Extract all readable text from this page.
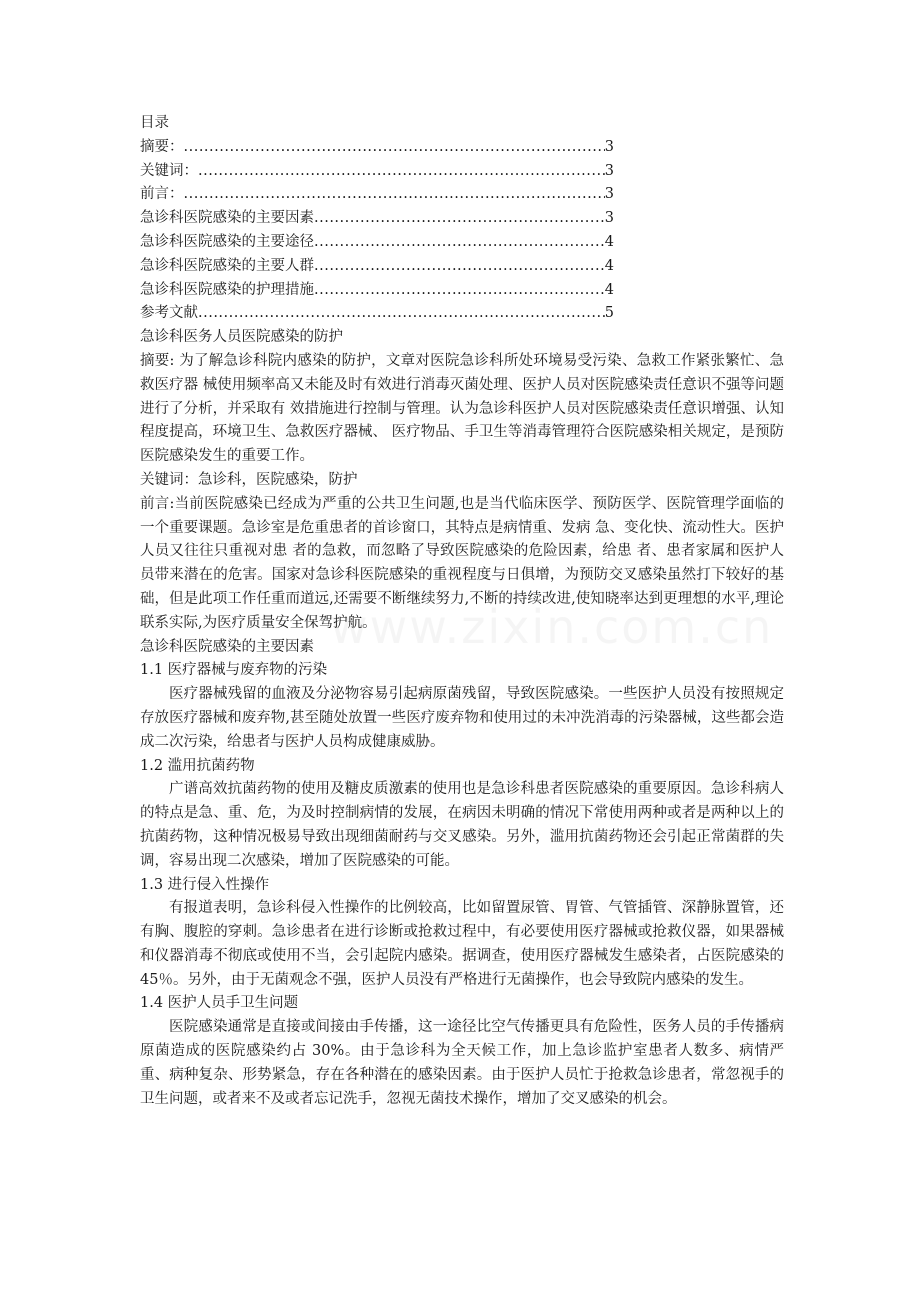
www.zixin.com.cn

目录

摘要： .....	3
关键词： .....	3
前言： .....	3
急诊科医院感染的主要因素 .....	3
急诊科医院感染的主要途径 .....	4
急诊科医院感染的主要人群 .....	4
急诊科医院感染的护理措施 .....	4
参考文献 .....	5
急诊科医务人员医院感染的防护

摘要: 为了解急诊科院内感染的防护，文章对医院急诊科所处环境易受污染、急救工作紧张繁忙、急救医疗器 械使用频率高又未能及时有效进行消毒灭菌处理、医护人员对医院感染责任意识不强等问题进行了分析，并采取有 效措施进行控制与管理。认为急诊科医护人员对医院感染责任意识增强、认知程度提高，环境卫生、急救医疗器械、 医疗物品、手卫生等消毒管理符合医院感染相关规定，是预防医院感染发生的重要工作。

关键词：急诊科，医院感染，防护

前言:当前医院感染已经成为严重的公共卫生问题,也是当代临床医学、预防医学、医院管理学面临的一个重要课题。急诊室是危重患者的首诊窗口，其特点是病情重、发病 急、变化快、流动性大。医护人员又往往只重视对患 者的急救，而忽略了导致医院感染的危险因素，给患 者、患者家属和医护人员带来潜在的危害。国家对急诊科医院感染的重视程度与日俱增，为预防交叉感染虽然打下较好的基础，但是此项工作任重而道远,还需要不断继续努力,不断的持续改进,使知晓率达到更理想的水平,理论联系实际,为医疗质量安全保驾护航。

急诊科医院感染的主要因素
1.1 医疗器械与废弃物的污染

医疗器械残留的血液及分泌物容易引起病原菌残留，导致医院感染。一些医护人员没有按照规定存放医疗器械和废弃物,甚至随处放置一些医疗废弃物和使用过的未冲洗消毒的污染器械，这些都会造成二次污染，给患者与医护人员构成健康威胁。

1.2 滥用抗菌药物

广谱高效抗菌药物的使用及糖皮质激素的使用也是急诊科患者医院感染的重要原因。急诊科病人的特点是急、重、危，为及时控制病情的发展，在病因未明确的情况下常使用两种或者是两种以上的抗菌药物，这种情况极易导致出现细菌耐药与交叉感染。另外，滥用抗菌药物还会引起正常菌群的失调，容易出现二次感染，增加了医院感染的可能。

1.3 进行侵入性操作

有报道表明，急诊科侵入性操作的比例较高，比如留置尿管、胃管、气管插管、深静脉置管，还有胸、腹腔的穿刺。急诊患者在进行诊断或抢救过程中，有必要使用医疗器械或抢救仪器，如果器械和仪器消毒不彻底或使用不当，会引起院内感染。据调查，使用医疗器械发生感染者，占医院感染的 45％。另外，由于无菌观念不强，医护人员没有严格进行无菌操作，也会导致院内感染的发生。

1.4 医护人员手卫生问题

医院感染通常是直接或间接由手传播，这一途径比空气传播更具有危险性，医务人员的手传播病原菌造成的医院感染约占 30%。由于急诊科为全天候工作，加上急诊监护室患者人数多、病情严重、病种复杂、形势紧急，存在各种潜在的感染因素。由于医护人员忙于抢救急诊患者，常忽视手的卫生问题，或者来不及或者忘记洗手，忽视无菌技术操作，增加了交叉感染的机会。
